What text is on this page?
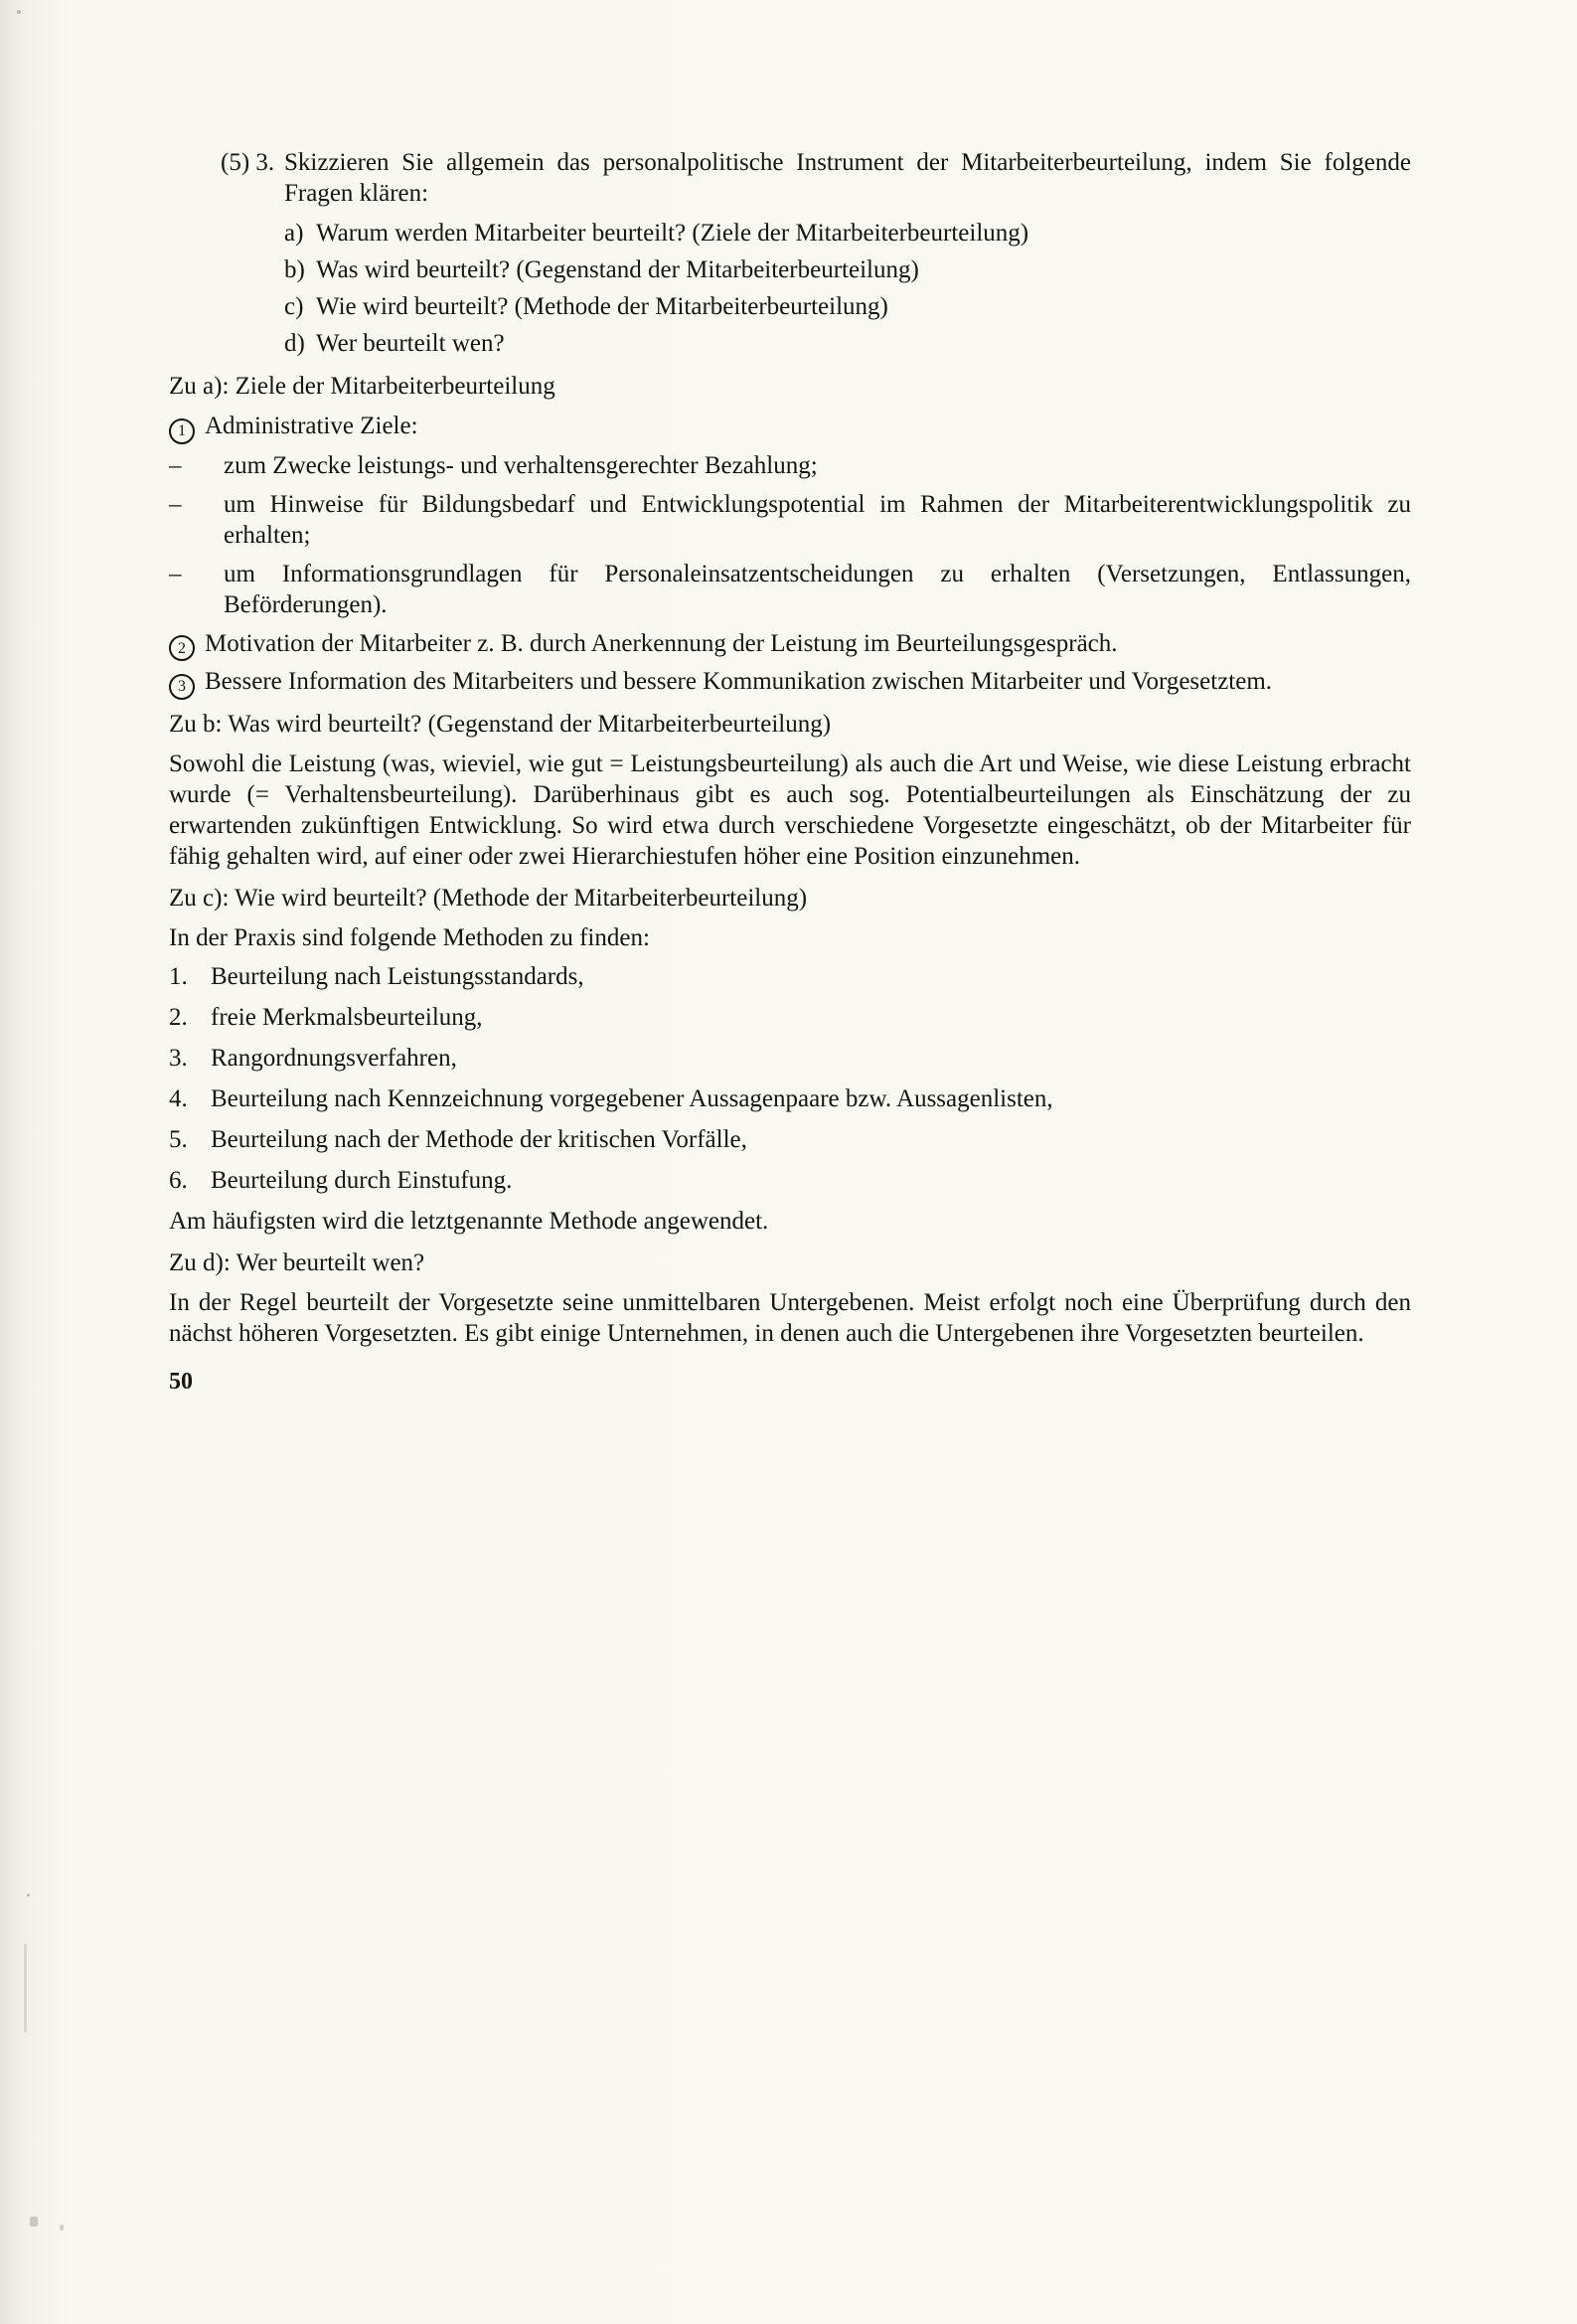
(5) 3. Skizzieren Sie allgemein das personalpolitische Instrument der Mitarbeiterbeurteilung, indem Sie folgende Fragen klären:

a) Warum werden Mitarbeiter beurteilt? (Ziele der Mitarbeiterbeurteilung)

b) Was wird beurteilt? (Gegenstand der Mitarbeiterbeurteilung)

c) Wie wird beurteilt? (Methode der Mitarbeiterbeurteilung)

d) Wer beurteilt wen?

Zu a): Ziele der Mitarbeiterbeurteilung

1 Administrative Ziele:

–	zum Zwecke leistungs- und verhaltensgerechter Bezahlung;

–	um Hinweise für Bildungsbedarf und Entwicklungspotential im Rahmen der Mitarbeiterentwicklungspolitik zu erhalten;

–	um Informationsgrundlagen für Personaleinsatzentscheidungen zu erhalten (Versetzungen, Entlassungen, Beförderungen).

2 Motivation der Mitarbeiter z. B. durch Anerkennung der Leistung im Beurteilungsgespräch.

3 Bessere Information des Mitarbeiters und bessere Kommunikation zwischen Mitarbeiter und Vorgesetztem.

Zu b: Was wird beurteilt? (Gegenstand der Mitarbeiterbeurteilung)

Sowohl die Leistung (was, wieviel, wie gut = Leistungsbeurteilung) als auch die Art und Weise, wie diese Leistung erbracht wurde (= Verhaltensbeurteilung). Darüberhinaus gibt es auch sog. Potentialbeurteilungen als Einschätzung der zu erwartenden zukünftigen Entwicklung. So wird etwa durch verschiedene Vorgesetzte eingeschätzt, ob der Mitarbeiter für fähig gehalten wird, auf einer oder zwei Hierarchiestufen höher eine Position einzunehmen.

Zu c): Wie wird beurteilt? (Methode der Mitarbeiterbeurteilung)

In der Praxis sind folgende Methoden zu finden:

1. Beurteilung nach Leistungsstandards,

2. freie Merkmalsbeurteilung,

3. Rangordnungsverfahren,

4. Beurteilung nach Kennzeichnung vorgegebener Aussagenpaare bzw. Aussagenlisten,

5. Beurteilung nach der Methode der kritischen Vorfälle,

6. Beurteilung durch Einstufung.

Am häufigsten wird die letztgenannte Methode angewendet.

Zu d): Wer beurteilt wen?

In der Regel beurteilt der Vorgesetzte seine unmittelbaren Untergebenen. Meist erfolgt noch eine Überprüfung durch den nächst höheren Vorgesetzten. Es gibt einige Unternehmen, in denen auch die Untergebenen ihre Vorgesetzten beurteilen.

50
